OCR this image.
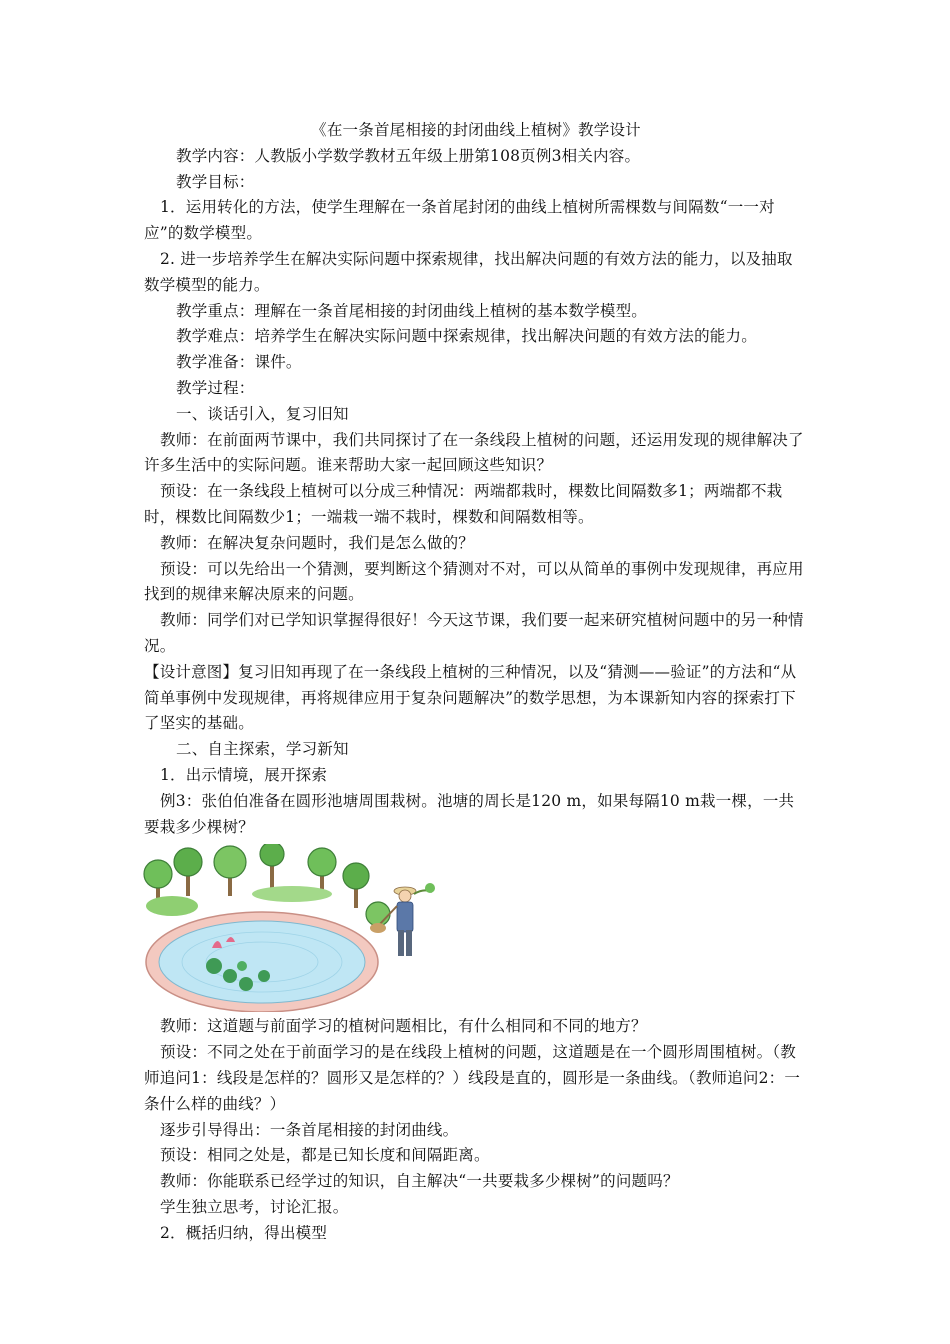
《在一条首尾相接的封闭曲线上植树》教学设计

教学内容：人教版小学数学教材五年级上册第108页例3相关内容。

教学目标：

1．运用转化的方法，使学生理解在一条首尾封闭的曲线上植树所需棵数与间隔数“一一对应”的数学模型。

2. 进一步培养学生在解决实际问题中探索规律，找出解决问题的有效方法的能力，以及抽取数学模型的能力。

教学重点：理解在一条首尾相接的封闭曲线上植树的基本数学模型。

教学难点：培养学生在解决实际问题中探索规律，找出解决问题的有效方法的能力。

教学准备：课件。

教学过程：

一、谈话引入，复习旧知

教师：在前面两节课中，我们共同探讨了在一条线段上植树的问题，还运用发现的规律解决了许多生活中的实际问题。谁来帮助大家一起回顾这些知识？

预设：在一条线段上植树可以分成三种情况：两端都栽时，棵数比间隔数多1；两端都不栽时，棵数比间隔数少1；一端栽一端不栽时，棵数和间隔数相等。

教师：在解决复杂问题时，我们是怎么做的？

预设：可以先给出一个猜测，要判断这个猜测对不对，可以从简单的事例中发现规律，再应用找到的规律来解决原来的问题。

教师：同学们对已学知识掌握得很好！今天这节课，我们要一起来研究植树问题中的另一种情况。

【设计意图】复习旧知再现了在一条线段上植树的三种情况，以及“猜测——验证”的方法和“从简单事例中发现规律，再将规律应用于复杂问题解决”的数学思想，为本课新知内容的探索打下了坚实的基础。

二、自主探索，学习新知

1．出示情境，展开探索

例3：张伯伯准备在圆形池塘周围栽树。池塘的周长是120 m，如果每隔10 m栽一棵，一共要栽多少棵树？

教师：这道题与前面学习的植树问题相比，有什么相同和不同的地方？

预设：不同之处在于前面学习的是在线段上植树的问题，这道题是在一个圆形周围植树。（教师追问1：线段是怎样的？圆形又是怎样的？）线段是直的，圆形是一条曲线。（教师追问2：一条什么样的曲线？）

逐步引导得出：一条首尾相接的封闭曲线。

预设：相同之处是，都是已知长度和间隔距离。

教师：你能联系已经学过的知识，自主解决“一共要栽多少棵树”的问题吗？

学生独立思考，讨论汇报。

2．概括归纳，得出模型
